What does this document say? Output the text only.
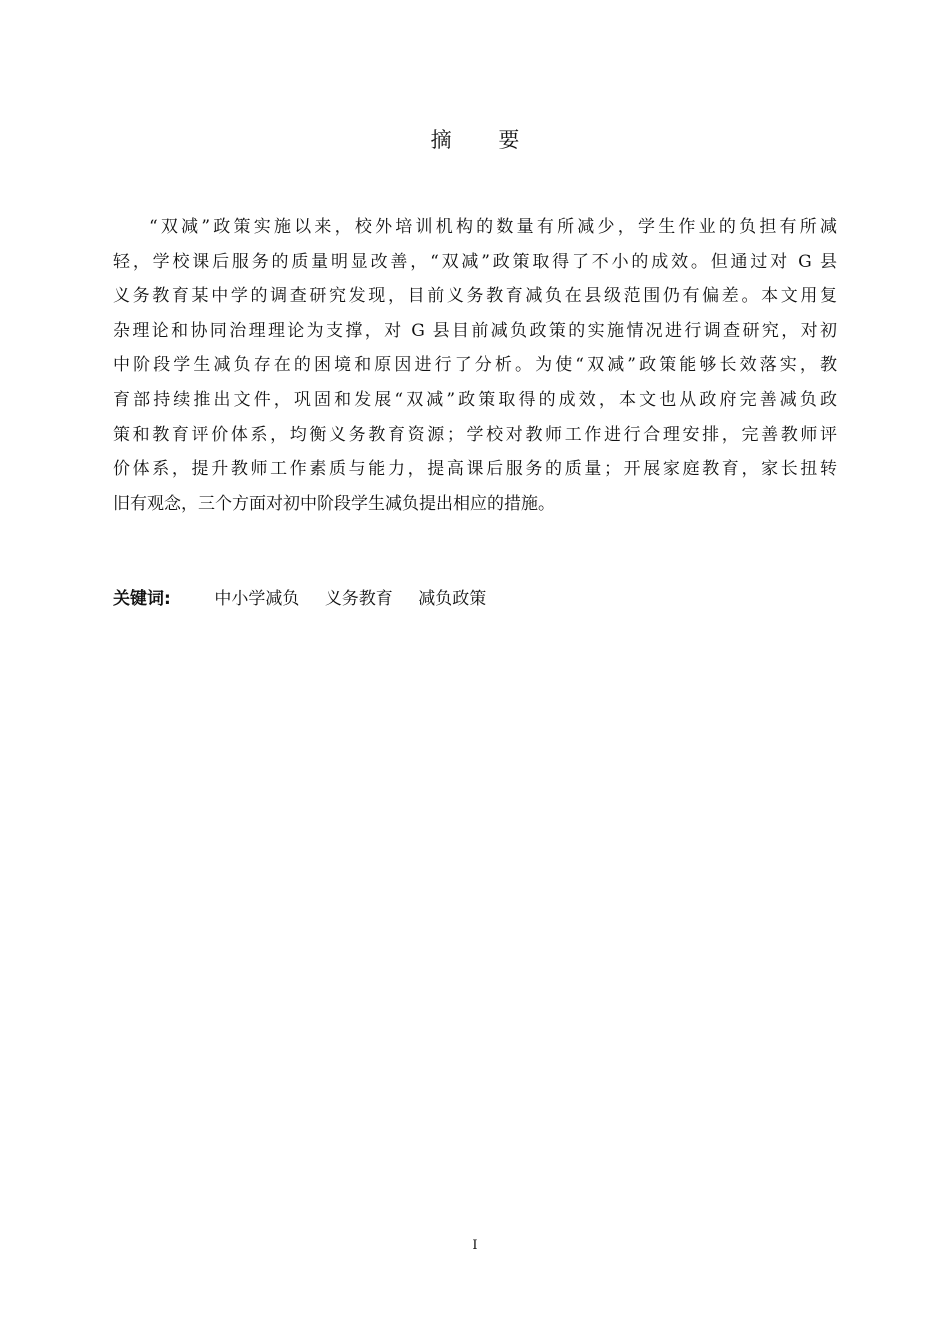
摘 要
“双减”政策实施以来，校外培训机构的数量有所减少，学生作业的负担有所减
轻，学校课后服务的质量明显改善，“双减”政策取得了不小的成效。但通过对 G 县
义务教育某中学的调查研究发现，目前义务教育减负在县级范围仍有偏差。本文用复
杂理论和协同治理理论为支撑，对 G 县目前减负政策的实施情况进行调查研究，对初
中阶段学生减负存在的困境和原因进行了分析。为使“双减”政策能够长效落实，教
育部持续推出文件，巩固和发展“双减”政策取得的成效，本文也从政府完善减负政
策和教育评价体系，均衡义务教育资源；学校对教师工作进行合理安排，完善教师评
价体系，提升教师工作素质与能力，提高课后服务的质量；开展家庭教育，家长扭转
旧有观念，三个方面对初中阶段学生减负提出相应的措施。
关键词:	中小学减负 义务教育 减负政策
I
